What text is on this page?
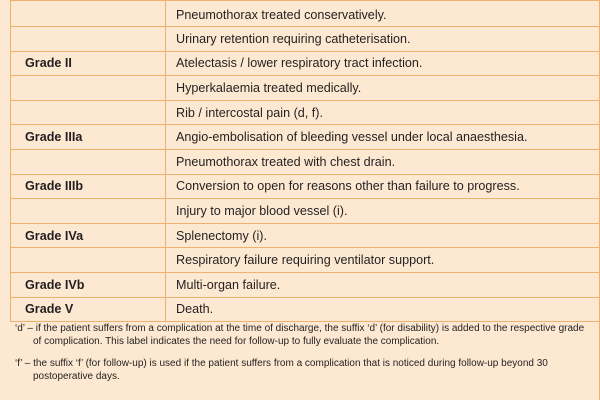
	Pneumothorax treated conservatively.
	Urinary retention requiring catheterisation.
Grade II	Atelectasis / lower respiratory tract infection.
	Hyperkalaemia treated medically.
	Rib / intercostal pain (d, f).
Grade IIIa	Angio-embolisation of bleeding vessel under local anaesthesia.
	Pneumothorax treated with chest drain.
Grade IIIb	Conversion to open for reasons other than failure to progress.
	Injury to major blood vessel (i).
Grade IVa	Splenectomy (i).
	Respiratory failure requiring ventilator support.
Grade IVb	Multi-organ failure.
Grade V	Death.

‘d’ – if the patient suffers from a complication at the time of discharge, the suffix ‘d’ (for disability) is added to the respective grade of complication. This label indicates the need for follow-up to fully evaluate the complication.

‘f’ – the suffix ‘f’ (for follow-up) is used if the patient suffers from a complication that is noticed during follow-up beyond 30 postoperative days.
